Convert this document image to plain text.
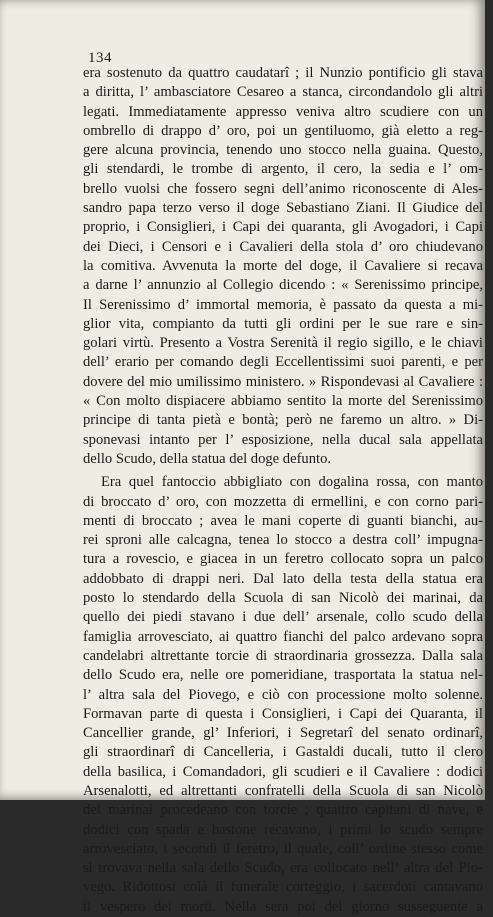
134
era sostenuto da quattro caudatarî ; il Nunzio pontificio gli stava
a diritta, l’ ambasciatore Cesareo a stanca, circondandolo gli altri
legati. Immediatamente appresso veniva altro scudiere con un
ombrello di drappo d’ oro, poi un gentiluomo, già eletto a reg-
gere alcuna provincia, tenendo uno stocco nella guaina. Questo,
gli stendardi, le trombe di argento, il cero, la sedia e l’ om-
brello vuolsi che fossero segni dell’animo riconoscente di Ales-
sandro papa terzo verso il doge Sebastiano Ziani. Il Giudice del
proprio, i Consiglieri, i Capi dei quaranta, gli Avogadori, i Capi
dei Dieci, i Censori e i Cavalieri della stola d’ oro chiudevano
la comitiva. Avvenuta la morte del doge, il Cavaliere si recava
a darne l’ annunzio al Collegio dicendo : « Serenissimo principe,
Il Serenissimo d’ immortal memoria, è passato da questa a mi-
glior vita, compianto da tutti gli ordini per le sue rare e sin-
golari virtù. Presento a Vostra Serenità il regio sigillo, e le chiavi
dell’ erario per comando degli Eccellentissimi suoi parenti, e per
dovere del mio umilissimo ministero. » Rispondevasi al Cavaliere :
« Con molto dispiacere abbiamo sentito la morte del Serenissimo
principe di tanta pietà e bontà; però ne faremo un altro. » Di-
sponevasi intanto per l’ esposizione, nella ducal sala appellata
dello Scudo, della statua del doge defunto.
Era quel fantoccio abbigliato con dogalina rossa, con manto
di broccato d’ oro, con mozzetta di ermellini, e con corno pari-
menti di broccato ; avea le mani coperte di guanti bianchi, au-
rei sproni alle calcagna, tenea lo stocco a destra coll’ impugna-
tura a rovescio, e giacea in un feretro collocato sopra un palco
addobbato di drappi neri. Dal lato della testa della statua era
posto lo stendardo della Scuola di san Nicolò dei marinai, da
quello dei piedi stavano i due dell’ arsenale, collo scudo della
famiglia arrovesciato, ai quattro fianchi del palco ardevano sopra
candelabri altrettante torcie di straordinaria grossezza. Dalla sala
dello Scudo era, nelle ore pomeridiane, trasportata la statua nel-
l’ altra sala del Piovego, e ciò con processione molto solenne.
Formavan parte di questa i Consiglieri, i Capi dei Quaranta, il
Cancellier grande, gl’ Inferiori, i Segretarî del senato ordinarî,
gli straordinarî di Cancelleria, i Gastaldi ducali, tutto il clero
della basilica, i Comandadori, gli scudieri e il Cavaliere : dodici
Arsenalotti, ed altrettanti confratelli della Scuola di san Nicolò
dei marinai procedeano con torcie ; quattro capitani di nave, e
dodici con spada e bastone recavano, i primi lo scudo sempre
arrovesciato, i secondi il feretro, il quale, coll’ ordine stesso come
si trovava nella sala dello Scudo, era collocato nell’ altra del Pio-
vego. Ridottosi colà il funerale corteggio, i sacerdoti cantavano
il vespero dei morti. Nella sera poi del giorno susseguente a
